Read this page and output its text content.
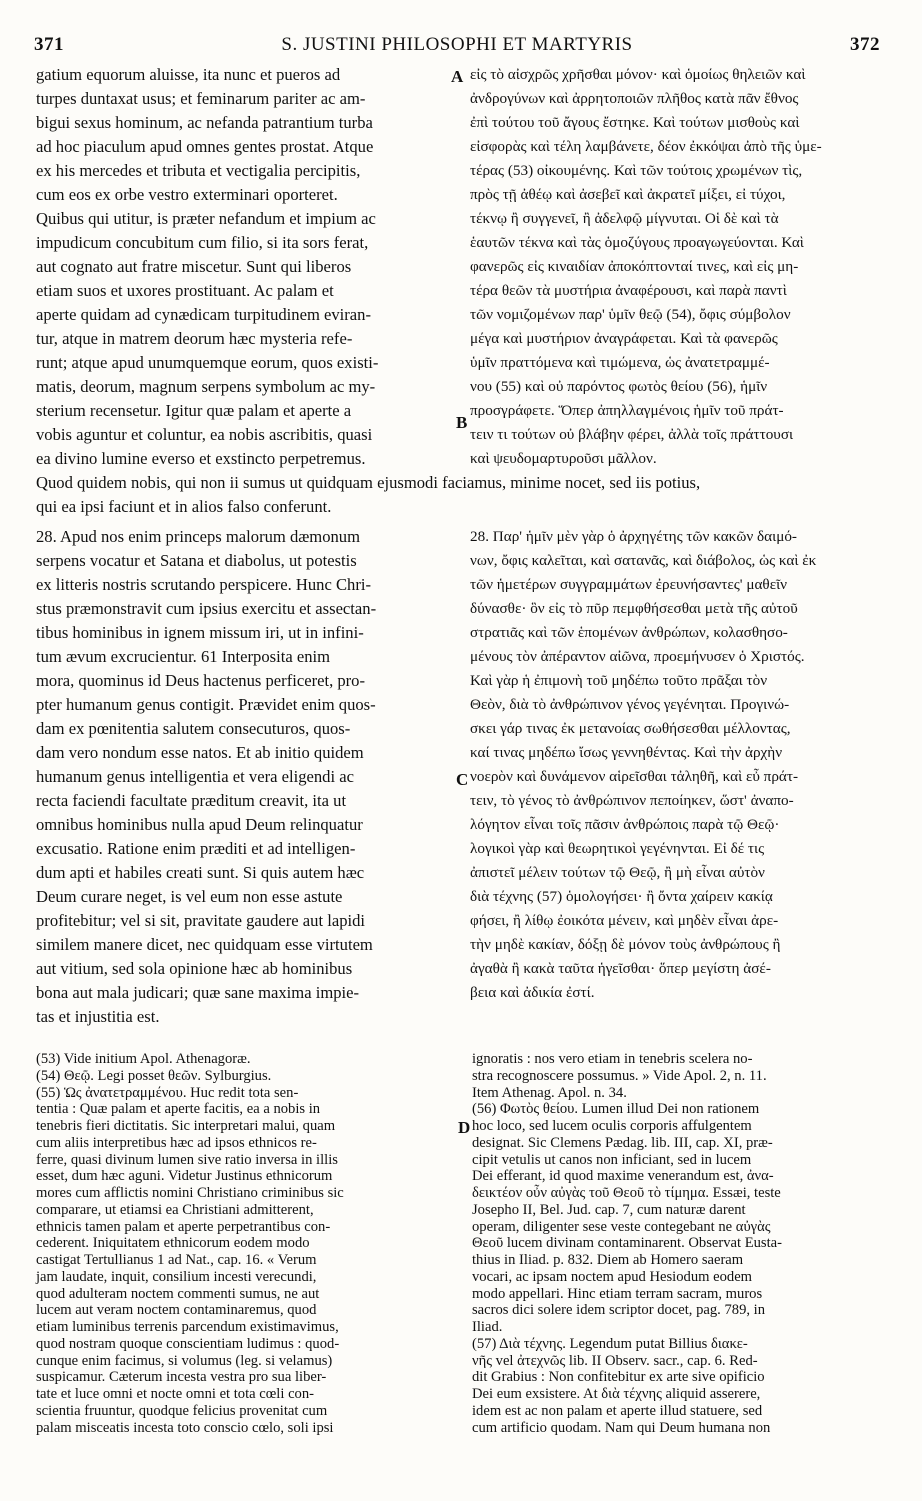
371	S. JUSTINI PHILOSOPHI ET MARTYRIS	372

gatium equorum aluisse, ita nunc et pueros ad

turpes duntaxat usus; et feminarum pariter ac am-

bigui sexus hominum, ac nefanda patrantium turba

ad hoc piaculum apud omnes gentes prostat. Atque

ex his mercedes et tributa et vectigalia percipitis,

cum eos ex orbe vestro exterminari oporteret.

Quibus qui utitur, is præter nefandum et impium ac

impudicum concubitum cum filio, si ita sors ferat,

aut cognato aut fratre miscetur. Sunt qui liberos

etiam suos et uxores prostituant. Ac palam et

aperte quidam ad cynædicam turpitudinem eviran-

tur, atque in matrem deorum hæc mysteria refe-

runt; atque apud unumquemque eorum, quos existi-

matis, deorum, magnum serpens symbolum ac my-

sterium recensetur. Igitur quæ palam et aperte a

vobis aguntur et coluntur, ea nobis ascribitis, quasi

ea divino lumine everso et exstincto perpetremus.

εἰς τὸ αἰσχρῶς χρῆσθαι μόνον· καὶ ὁμοίως θηλειῶν καὶ

ἀνδρογύνων καὶ ἀρρητοποιῶν πλῆθος κατὰ πᾶν ἔθνος

ἐπὶ τούτου τοῦ ἄγους ἔστηκε. Καὶ τούτων μισθοὺς καὶ

εἰσφορὰς καὶ τέλη λαμβάνετε, δέον ἐκκόψαι ἀπὸ τῆς ὑμε-

τέρας (53) οἰκουμένης. Καὶ τῶν τούτοις χρωμένων τὶς,

πρὸς τῇ ἀθέῳ καὶ ἀσεβεῖ καὶ ἀκρατεῖ μίξει, εἰ τύχοι,

τέκνῳ ἢ συγγενεῖ, ἢ ἀδελφῷ μίγνυται. Οἱ δὲ καὶ τὰ

ἑαυτῶν τέκνα καὶ τὰς ὁμοζύγους προαγωγεύονται. Καὶ

φανερῶς εἰς κιναιδίαν ἀποκόπτονταί τινες, καὶ εἰς μη-

τέρα θεῶν τὰ μυστήρια ἀναφέρουσι, καὶ παρὰ παντὶ

τῶν νομιζομένων παρ' ὑμῖν θεῷ (54), ὄφις σύμβολον

μέγα καὶ μυστήριον ἀναγράφεται. Καὶ τὰ φανερῶς

ὑμῖν πραττόμενα καὶ τιμώμενα, ὡς ἀνατετραμμέ-

νου (55) καὶ οὐ παρόντος φωτὸς θείου (56), ἡμῖν

προσγράφετε. Ὅπερ ἀπηλλαγμένοις ἡμῖν τοῦ πράτ-

τειν τι τούτων οὐ βλάβην φέρει, ἀλλὰ τοῖς πράττουσι

καὶ ψευδομαρτυροῦσι μᾶλλον.

Quod quidem nobis, qui non ii sumus ut quidquam ejusmodi faciamus, minime nocet, sed iis potius,

qui ea ipsi faciunt et in alios falso conferunt.

28. Apud nos enim princeps malorum dæmonum

serpens vocatur et Satana et diabolus, ut potestis

ex litteris nostris scrutando perspicere. Hunc Chri-

stus præmonstravit cum ipsius exercitu et assectan-

tibus hominibus in ignem missum iri, ut in infini-

tum ævum excrucientur. 61 Interposita enim

mora, quominus id Deus hactenus perficeret, pro-

pter humanum genus contigit. Prævidet enim quos-

dam ex pœnitentia salutem consecuturos, quos-

dam vero nondum esse natos. Et ab initio quidem

humanum genus intelligentia et vera eligendi ac

recta faciendi facultate præditum creavit, ita ut

omnibus hominibus nulla apud Deum relinquatur

excusatio. Ratione enim præditi et ad intelligen-

dum apti et habiles creati sunt. Si quis autem hæc

Deum curare neget, is vel eum non esse astute

profitebitur; vel si sit, pravitate gaudere aut lapidi

similem manere dicet, nec quidquam esse virtutem

aut vitium, sed sola opinione hæc ab hominibus

bona aut mala judicari; quæ sane maxima impie-

tas et injustitia est.

28. Παρ' ἡμῖν μὲν γὰρ ὁ ἀρχηγέτης τῶν κακῶν δαιμό-

νων, ὄφις καλεῖται, καὶ σατανᾶς, καὶ διάβολος, ὡς καὶ ἐκ

τῶν ἡμετέρων συγγραμμάτων ἐρευνήσαντες' μαθεῖν

δύνασθε· ὃν εἰς τὸ πῦρ πεμφθήσεσθαι μετὰ τῆς αὐτοῦ

στρατιᾶς καὶ τῶν ἑπομένων ἀνθρώπων, κολασθησο-

μένους τὸν ἀπέραντον αἰῶνα, προεμήνυσεν ὁ Χριστός.

Καὶ γὰρ ἡ ἐπιμονὴ τοῦ μηδέπω τοῦτο πρᾶξαι τὸν

Θεὸν, διὰ τὸ ἀνθρώπινον γένος γεγένηται. Προγινώ-

σκει γάρ τινας ἐκ μετανοίας σωθήσεσθαι μέλλοντας,

καί τινας μηδέπω ἴσως γεννηθέντας. Καὶ τὴν ἀρχὴν

νοερὸν καὶ δυνάμενον αἱρεῖσθαι τἀληθῆ, καὶ εὖ πράτ-

τειν, τὸ γένος τὸ ἀνθρώπινον πεποίηκεν, ὥστ' ἀναπο-

λόγητον εἶναι τοῖς πᾶσιν ἀνθρώποις παρὰ τῷ Θεῷ·

λογικοὶ γὰρ καὶ θεωρητικοὶ γεγένηνται. Εἰ δέ τις

ἀπιστεῖ μέλειν τούτων τῷ Θεῷ, ἢ μὴ εἶναι αὐτὸν

διὰ τέχνης (57) ὁμολογήσει· ἢ ὄντα χαίρειν κακίᾳ

φήσει, ἢ λίθῳ ἐοικότα μένειν, καὶ μηδὲν εἶναι ἀρε-

τὴν μηδὲ κακίαν, δόξῃ δὲ μόνον τοὺς ἀνθρώπους ἢ

ἀγαθὰ ἢ κακὰ ταῦτα ἡγεῖσθαι· ὅπερ μεγίστη ἀσέ-

βεια καὶ ἀδικία ἐστί.

A
B
C
D

(53) Vide initium Apol. Athenagoræ.

(54) Θεῷ. Legi posset θεῶν. Sylburgius.

(55) Ὡς ἀνατετραμμένου. Huc redit tota sen-

tentia : Quæ palam et aperte facitis, ea a nobis in

tenebris fieri dictitatis. Sic interpretari malui, quam

cum aliis interpretibus hæc ad ipsos ethnicos re-

ferre, quasi divinum lumen sive ratio inversa in illis

esset, dum hæc aguni. Videtur Justinus ethnicorum

mores cum afflictis nomini Christiano criminibus sic

comparare, ut etiamsi ea Christiani admitterent,

ethnicis tamen palam et aperte perpetrantibus con-

cederent. Iniquitatem ethnicorum eodem modo

castigat Tertullianus 1 ad Nat., cap. 16. « Verum

jam laudate, inquit, consilium incesti verecundi,

quod adulteram noctem commenti sumus, ne aut

lucem aut veram noctem contaminaremus, quod

etiam luminibus terrenis parcendum existimavimus,

quod nostram quoque conscientiam ludimus : quod-

cunque enim facimus, si volumus (leg. si velamus)

suspicamur. Cæterum incesta vestra pro sua liber-

tate et luce omni et nocte omni et tota cœli con-

scientia fruuntur, quodque felicius provenitat cum

palam misceatis incesta toto conscio cœlo, soli ipsi

ignoratis : nos vero etiam in tenebris scelera no-

stra recognoscere possumus. » Vide Apol. 2, n. 11.

Item Athenag. Apol. n. 34.

(56) Φωτὸς θείου. Lumen illud Dei non rationem

hoc loco, sed lucem oculis corporis affulgentem

designat. Sic Clemens Pædag. lib. III, cap. XI, præ-

cipit vetulis ut canos non inficiant, sed in lucem

Dei efferant, id quod maxime venerandum est, ἀνα-

δεικτέον οὖν αὐγὰς τοῦ Θεοῦ τὸ τίμημα. Essæi, teste

Josepho II, Bel. Jud. cap. 7, cum naturæ darent

operam, diligenter sese veste contegebant ne αὐγὰς

Θεοῦ lucem divinam contaminarent. Observat Eusta-

thius in Iliad. p. 832. Diem ab Homero saeram

vocari, ac ipsam noctem apud Hesiodum eodem

modo appellari. Hinc etiam terram sacram, muros

sacros dici solere idem scriptor docet, pag. 789, in

Iliad.

(57) Διὰ τέχνης. Legendum putat Billius διακε-

νῆς vel ἀτεχνῶς lib. II Observ. sacr., cap. 6. Red-

dit Grabius : Non confitebitur ex arte sive opificio

Dei eum exsistere. At διὰ τέχνης aliquid asserere,

idem est ac non palam et aperte illud statuere, sed

cum artificio quodam. Nam qui Deum humana non
